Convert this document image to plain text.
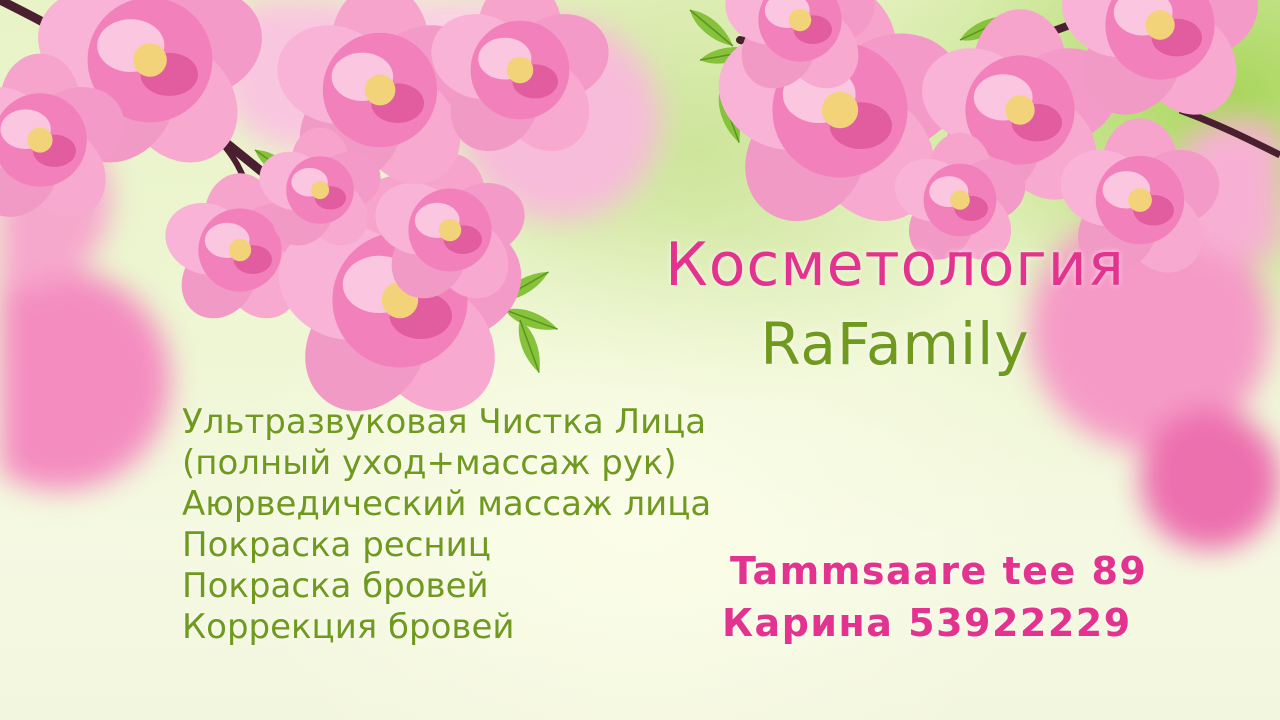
Косметология
RaFamily
Ультразвуковая Чистка Лица
(полный уход+массаж рук)
Аюрведический массаж лица
Покраска ресниц
Покраска бровей
Коррекция бровей
Tammsaare tee 89
Карина 53922229
